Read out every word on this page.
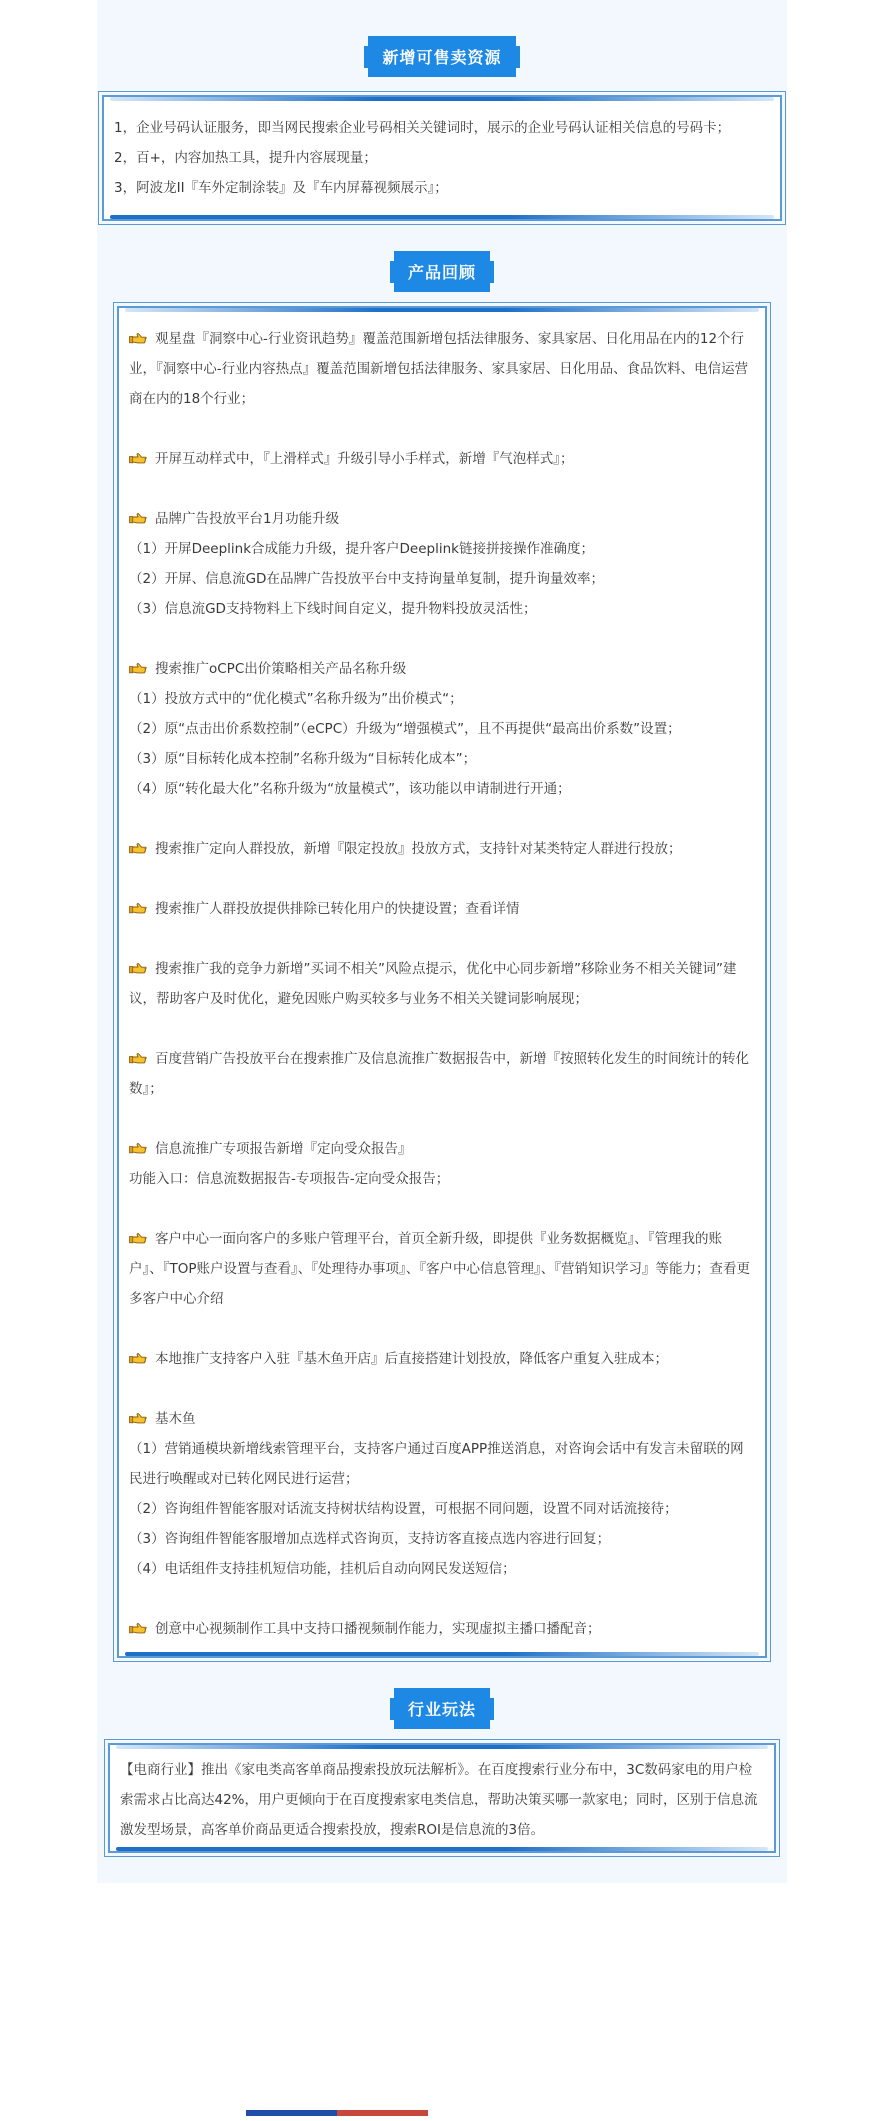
新增可售卖资源

1，企业号码认证服务，即当网民搜索企业号码相关关键词时，展示的企业号码认证相关信息的号码卡；

2，百+，内容加热工具，提升内容展现量；

3，阿波龙II『车外定制涂装』及『车内屏幕视频展示』；

产品回顾

观星盘『洞察中心-行业资讯趋势』覆盖范围新增包括法律服务、家具家居、日化用品在内的12个行业，『洞察中心-行业内容热点』覆盖范围新增包括法律服务、家具家居、日化用品、食品饮料、电信运营商在内的18个行业；

开屏互动样式中，『上滑样式』升级引导小手样式，新增『气泡样式』；

品牌广告投放平台1月功能升级

（1）开屏Deeplink合成能力升级，提升客户Deeplink链接拼接操作准确度；

（2）开屏、信息流GD在品牌广告投放平台中支持询量单复制，提升询量效率；

（3）信息流GD支持物料上下线时间自定义，提升物料投放灵活性；

搜索推广oCPC出价策略相关产品名称升级

（1）投放方式中的“优化模式”名称升级为”出价模式“；

（2）原“点击出价系数控制”（eCPC）升级为“增强模式”，且不再提供“最高出价系数”设置；

（3）原“目标转化成本控制”名称升级为“目标转化成本”；

（4）原“转化最大化”名称升级为“放量模式”，该功能以申请制进行开通；

搜索推广定向人群投放，新增『限定投放』投放方式，支持针对某类特定人群进行投放；

搜索推广人群投放提供排除已转化用户的快捷设置；查看详情

搜索推广我的竞争力新增”买词不相关”风险点提示，优化中心同步新增”移除业务不相关关键词”建议，帮助客户及时优化，避免因账户购买较多与业务不相关关键词影响展现；

百度营销广告投放平台在搜索推广及信息流推广数据报告中，新增『按照转化发生的时间统计的转化数』；

信息流推广专项报告新增『定向受众报告』

功能入口：信息流数据报告-专项报告-定向受众报告；

客户中心一面向客户的多账户管理平台，首页全新升级，即提供『业务数据概览』、『管理我的账户』、『TOP账户设置与查看』、『处理待办事项』、『客户中心信息管理』、『营销知识学习』等能力；查看更多客户中心介绍

本地推广支持客户入驻『基木鱼开店』后直接搭建计划投放，降低客户重复入驻成本；

基木鱼

（1）营销通模块新增线索管理平台，支持客户通过百度APP推送消息，对咨询会话中有发言未留联的网民进行唤醒或对已转化网民进行运营；

（2）咨询组件智能客服对话流支持树状结构设置，可根据不同问题，设置不同对话流接待；

（3）咨询组件智能客服增加点选样式咨询页，支持访客直接点选内容进行回复；

（4）电话组件支持挂机短信功能，挂机后自动向网民发送短信；

创意中心视频制作工具中支持口播视频制作能力，实现虚拟主播口播配音；

行业玩法

【电商行业】推出《家电类高客单商品搜索投放玩法解析》。在百度搜索行业分布中，3C数码家电的用户检索需求占比高达42%，用户更倾向于在百度搜索家电类信息，帮助决策买哪一款家电；同时，区别于信息流激发型场景，高客单价商品更适合搜索投放，搜索ROI是信息流的3倍。
